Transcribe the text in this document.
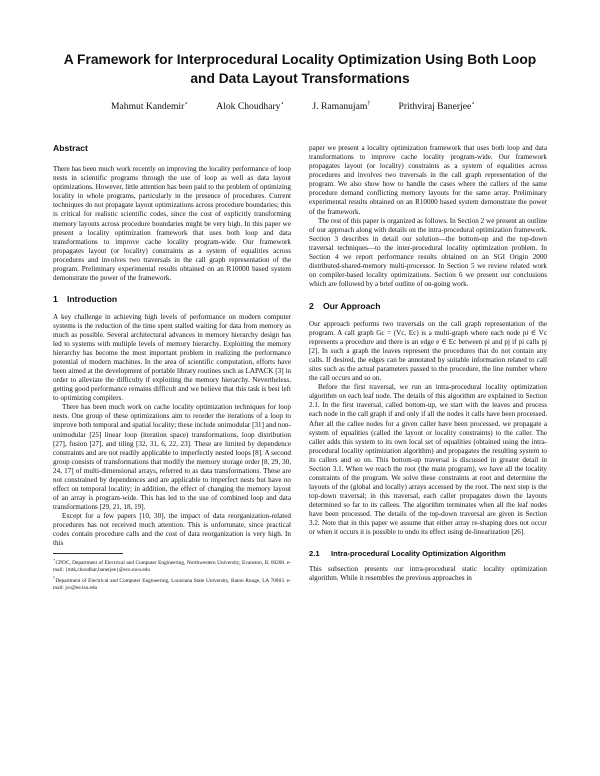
A Framework for Interprocedural Locality Optimization Using Both Loop and Data Layout Transformations
Mahmut Kandemir⋆	Alok Choudhary⋆	J. Ramanujam†	Prithviraj Banerjee⋆
Abstract

There has been much work recently on improving the locality performance of loop nests in scientific programs through the use of loop as well as data layout optimizations. However, little attention has been paid to the problem of optimizing locality in whole programs, particularly in the presence of procedures. Current techniques do not propagate layout optimizations across procedure boundaries; this is critical for realistic scientific codes, since the cost of explicitly transforming memory layouts across procedure boundaries might be very high. In this paper we present a locality optimization framework that uses both loop and data transformations to improve cache locality program-wide. Our framework propagates layout (or locality) constraints as a system of equalities across procedures and involves two traversals in the call graph representation of the program. Preliminary experimental results obtained on an R10000 based system demonstrate the power of the framework.

1 Introduction

A key challenge in achieving high levels of performance on modern computer systems is the reduction of the time spent stalled waiting for data from memory as much as possible. Several architectural advances in memory hierarchy design has led to systems with multiple levels of memory hierarchy. Exploiting the memory hierarchy has become the most important problem in realizing the performance potential of modern machines. In the area of scientific computation, efforts have been aimed at the development of portable library routines such as LAPACK [3] in order to alleviate the difficulty if exploiting the memory hierarchy. Nevertheless, getting good performance remains difficult and we believe that this task is best left to optimizing compilers.

There has been much work on cache locality optimization techniques for loop nests. One group of these optimizations aim to reorder the iterations of a loop to improve both temporal and spatial locality; these include unimodular [31] and non-unimodular [25] linear loop (iteration space) transformations, loop distribution [27], fusion [27], and tiling [32, 31, 6, 22, 23]. These are limited by dependence constraints and are not readily applicable to imperfectly nested loops [8]. A second group consists of transformations that modify the memory storage order [8, 29, 30, 24, 17] of multi-dimensional arrays, referred to as data transformations. These are not constrained by dependences and are applicable to imperfect nests but have no effect on temporal locality; in addition, the effect of changing the memory layout of an array is program-wide. This has led to the use of combined loop and data transformations [29, 21, 18, 19].

Except for a few papers [10, 30], the impact of data reorganization-related procedures has not received much attention. This is unfortunate, since practical codes contain procedure calls and the cost of data reorganization is very high. In this

⋆CPDC, Department of Electrical and Computer Engineering, Northwestern University, Evanston, IL 60208. e-mail: {mtk,choudhar,banerjee}@ece.nwu.edu

†Department of Electrical and Computer Engineering, Louisiana State University, Baton Rouge, LA 70803. e-mail: jxr@ee.lsu.edu

paper we present a locality optimization framework that uses both loop and data transformations to improve cache locality program-wide. Our framework propagates layout (or locality) constraints as a system of equalities across procedures and involves two traversals in the call graph representation of the program. We also show how to handle the cases where the callers of the same procedure demand conflicting memory layouts for the same array. Preliminary experimental results obtained on an R10000 based system demonstrate the power of the framework.

The rest of this paper is organized as follows. In Section 2 we present an outline of our approach along with details on the intra-procedural optimization framework. Section 3 describes in detail our solution—the bottom-up and the top-down traversal techniques—to the inter-procedural locality optimization problem. In Section 4 we report performance results obtained on an SGI Origin 2000 distributed-shared-memory multi-processor. In Section 5 we review related work on compiler-based locality optimizations. Section 6 we present our conclusions which are followed by a brief outline of on-going work.

2 Our Approach

Our approach performs two traversals on the call graph representation of the program. A call graph Gc = (Vc, Ec) is a multi-graph where each node pi ∈ Vc represents a procedure and there is an edge e ∈ Ec between pi and pj if pi calls pj [2]. In such a graph the leaves represent the procedures that do not contain any calls. If desired, the edges can be annotated by suitable information related to call sites such as the actual parameters passed to the procedure, the line number where the call occurs and so on.

Before the first traversal, we run an intra-procedural locality optimization algorithm on each leaf node. The details of this algorithm are explained in Section 2.1. In the first traversal, called bottom-up, we start with the leaves and process each node in the call graph if and only if all the nodes it calls have been processed. After all the callee nodes for a given caller have been processed, we propagate a system of equalities (called the layout or locality constraints) to the caller. The caller adds this system to its own local set of equalities (obtained using the intra-procedural locality optimization algorithm) and propagates the resulting system to its callers and so on. This bottom-up traversal is discussed in greater detail in Section 3.1. When we reach the root (the main program), we have all the locality constraints of the program. We solve these constraints at root and determine the layouts of the (global and locally) arrays accessed by the root. The next step is the top-down traversal; in this traversal, each caller propagates down the layouts determined so far to its callees. The algorithm terminates when all the leaf nodes have been processed. The details of the top-down traversal are given in Section 3.2. Note that in this paper we assume that either array re-shaping does not occur or when it occurs it is possible to undo its effect using de-linearization [26].

2.1 Intra-procedural Locality Optimization Algorithm

This subsection presents our intra-procedural static locality optimization algorithm. While it resembles the previous approaches in
